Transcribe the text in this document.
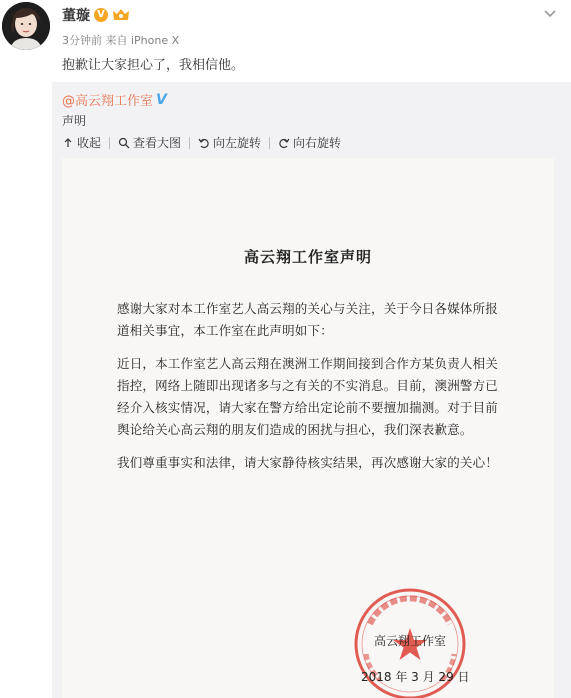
董璇 V
3分钟前 来自 iPhone X
抱歉让大家担心了，我相信他。
@高云翔工作室 V
声明
收起	查看大图	向左旋转	向右旋转
高云翔工作室声明

感谢大家对本工作室艺人高云翔的关心与关注，关于今日各媒体所报道相关事宜，本工作室在此声明如下：

近日，本工作室艺人高云翔在澳洲工作期间接到合作方某负责人相关指控，网络上随即出现诸多与之有关的不实消息。目前，澳洲警方已经介入核实情况，请大家在警方给出定论前不要擅加揣测。对于目前舆论给关心高云翔的朋友们造成的困扰与担心，我们深表歉意。

我们尊重事实和法律，请大家静待核实结果，再次感谢大家的关心！

高云翔工作室
2018 年 3 月 29 日
